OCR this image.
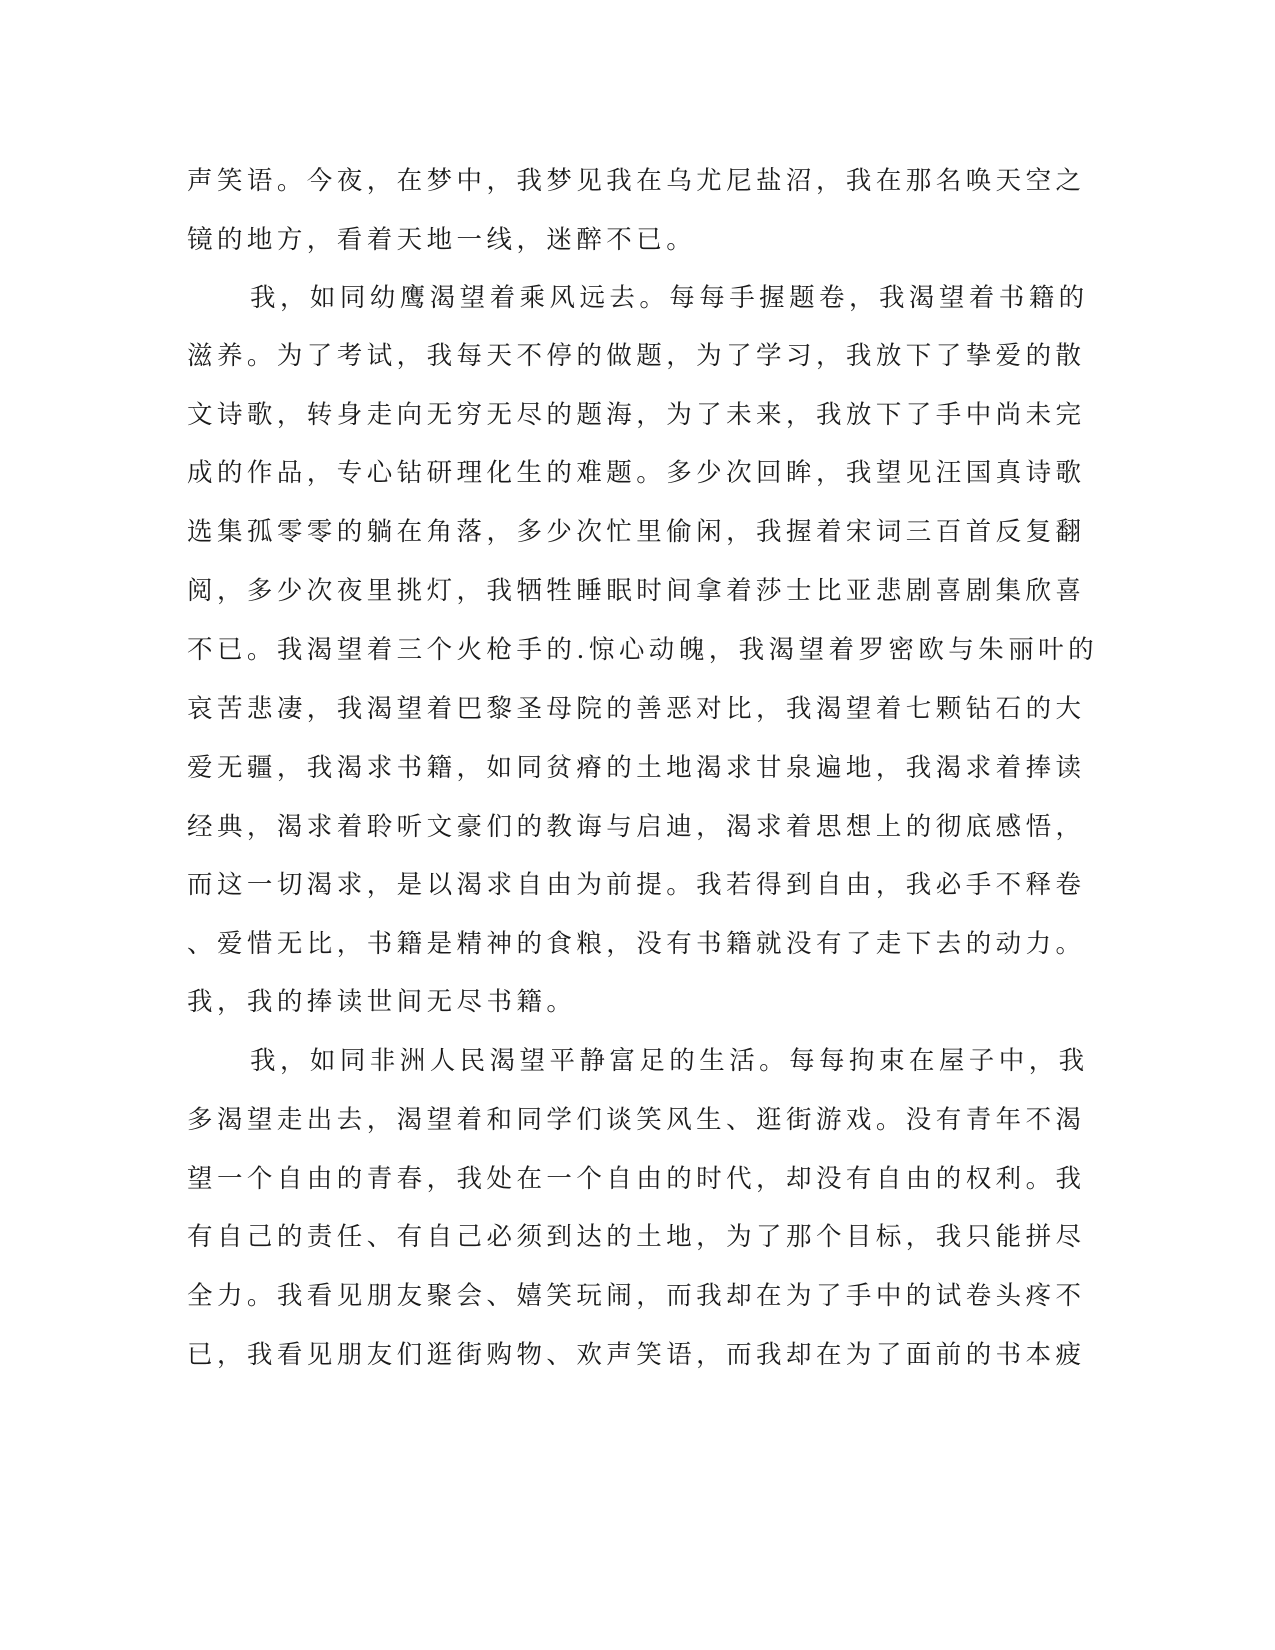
声笑语。今夜，在梦中，我梦见我在乌尤尼盐沼，我在那名唤天空之
镜的地方，看着天地一线，迷醉不已。
我，如同幼鹰渴望着乘风远去。每每手握题卷，我渴望着书籍的
滋养。为了考试，我每天不停的做题，为了学习，我放下了挚爱的散
文诗歌，转身走向无穷无尽的题海，为了未来，我放下了手中尚未完
成的作品，专心钻研理化生的难题。多少次回眸，我望见汪国真诗歌
选集孤零零的躺在角落，多少次忙里偷闲，我握着宋词三百首反复翻
阅，多少次夜里挑灯，我牺牲睡眠时间拿着莎士比亚悲剧喜剧集欣喜
不已。我渴望着三个火枪手的.惊心动魄，我渴望着罗密欧与朱丽叶的
哀苦悲凄，我渴望着巴黎圣母院的善恶对比，我渴望着七颗钻石的大
爱无疆，我渴求书籍，如同贫瘠的土地渴求甘泉遍地，我渴求着捧读
经典，渴求着聆听文豪们的教诲与启迪，渴求着思想上的彻底感悟，
而这一切渴求，是以渴求自由为前提。我若得到自由，我必手不释卷
、爱惜无比，书籍是精神的食粮，没有书籍就没有了走下去的动力。
我，我的捧读世间无尽书籍。
我，如同非洲人民渴望平静富足的生活。每每拘束在屋子中，我
多渴望走出去，渴望着和同学们谈笑风生、逛街游戏。没有青年不渴
望一个自由的青春，我处在一个自由的时代，却没有自由的权利。我
有自己的责任、有自己必须到达的土地，为了那个目标，我只能拼尽
全力。我看见朋友聚会、嬉笑玩闹，而我却在为了手中的试卷头疼不
已，我看见朋友们逛街购物、欢声笑语，而我却在为了面前的书本疲
